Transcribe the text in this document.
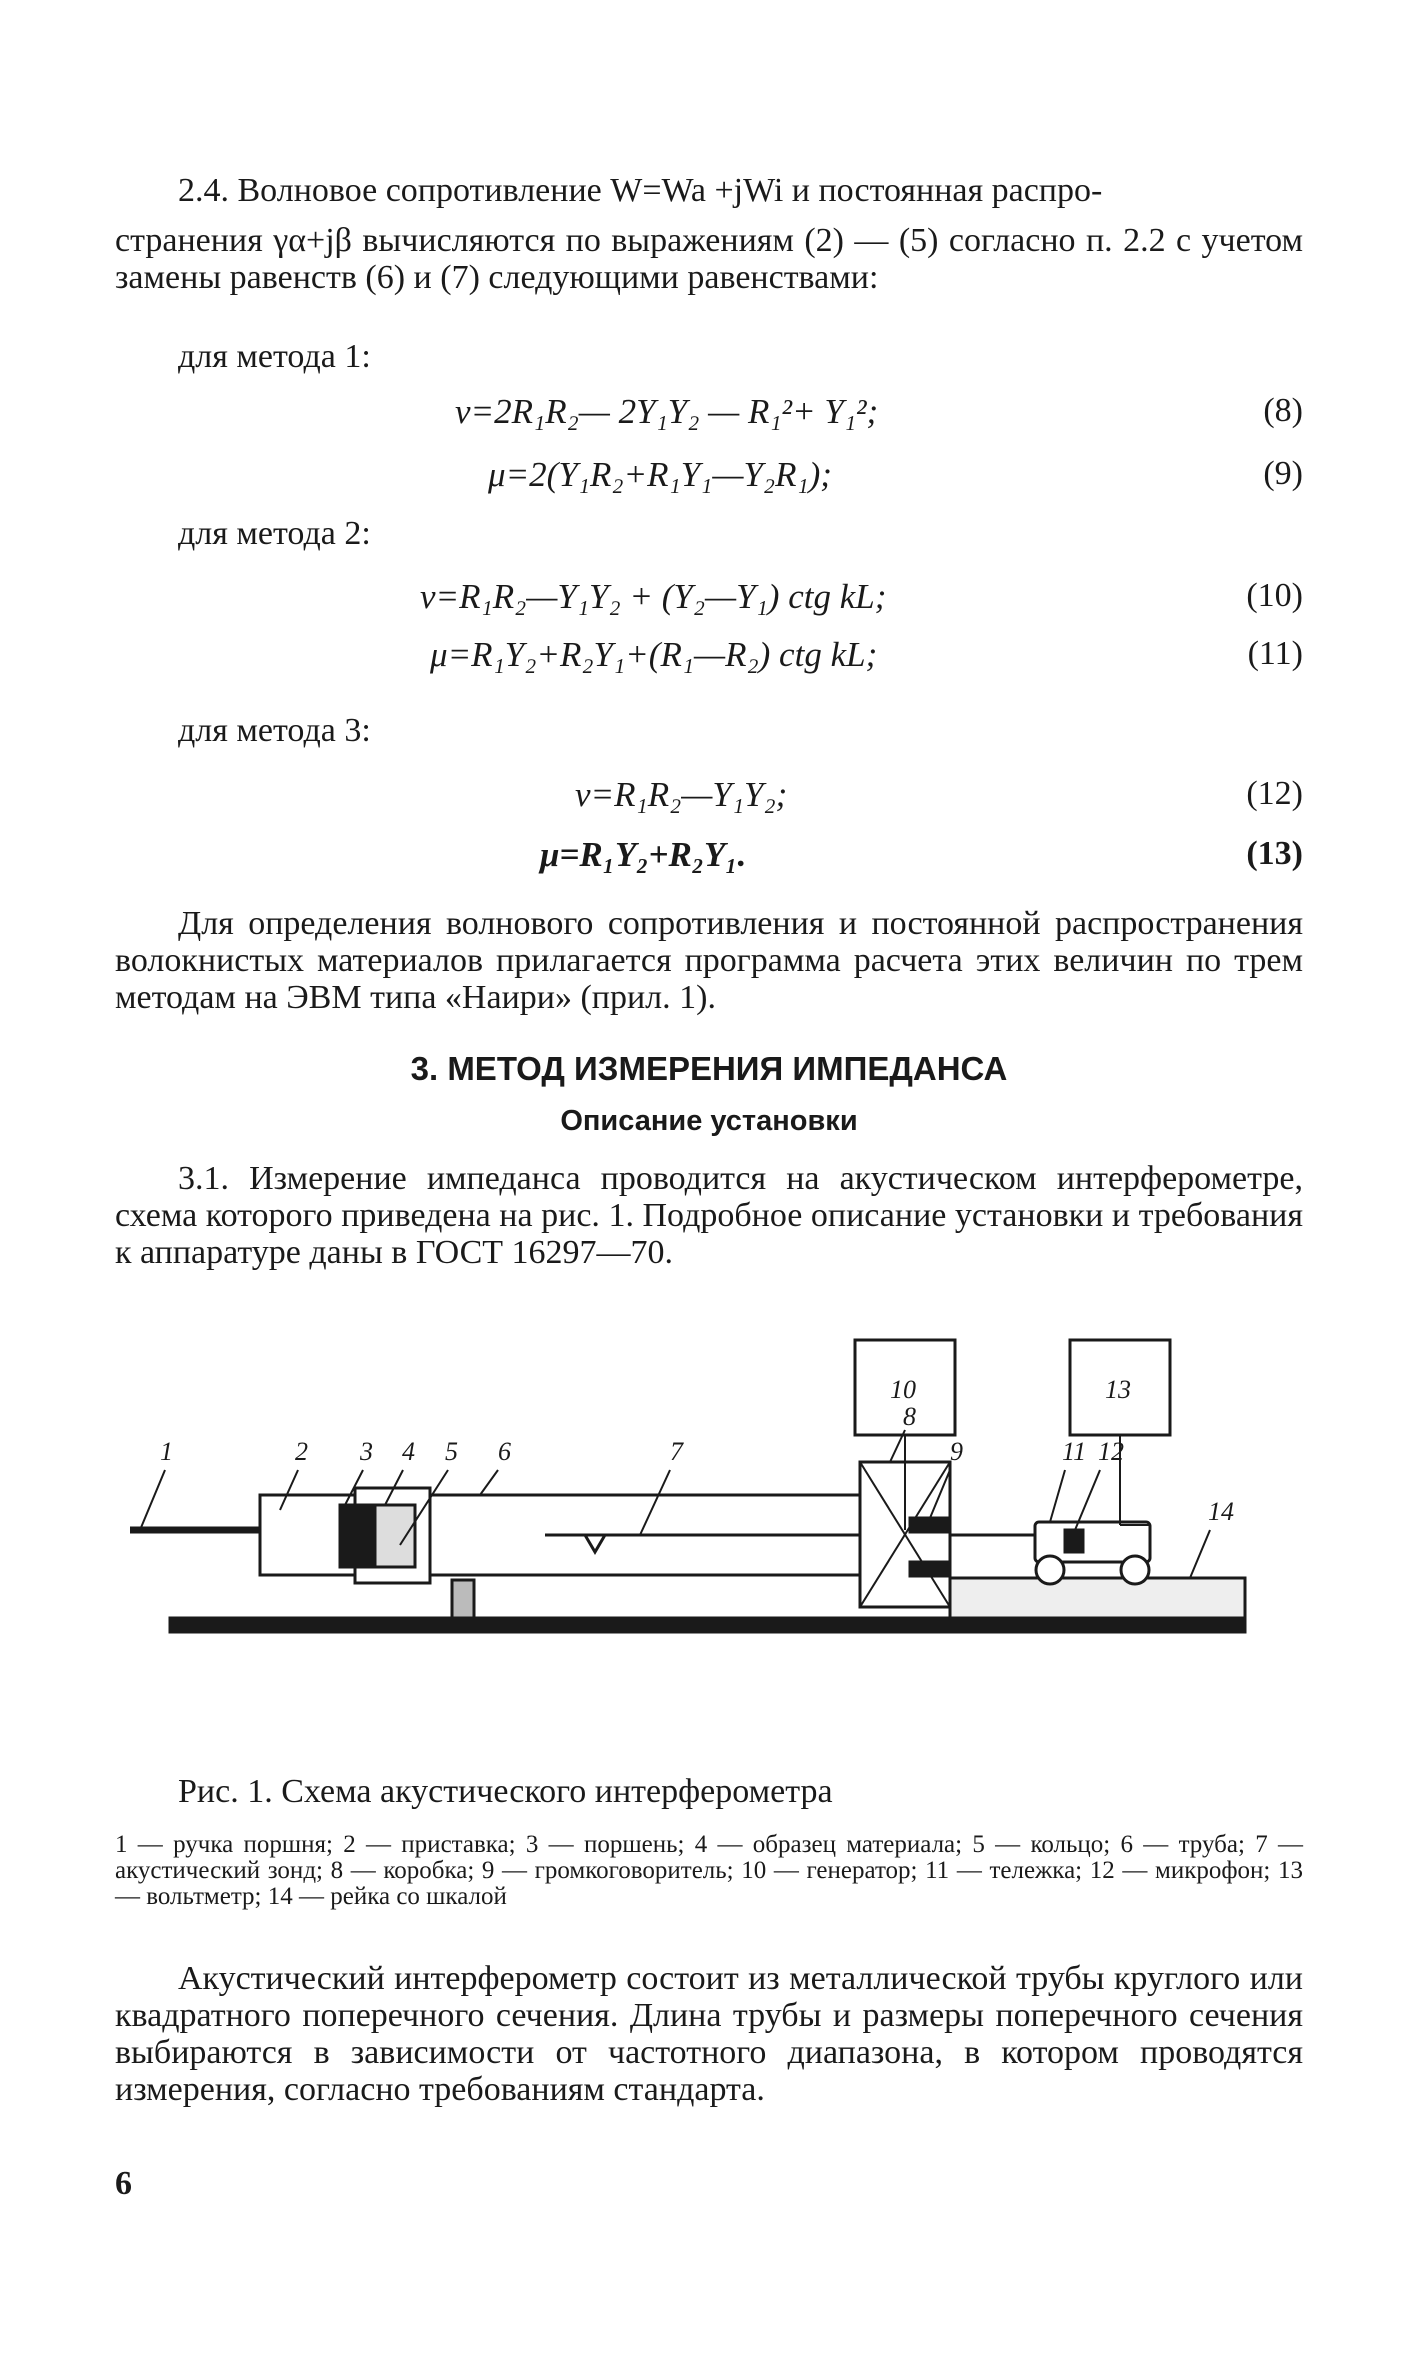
2.4. Волновое сопротивление W=Wa +jWi и постоянная распро-
странения γα+jβ вычисляются по выражениям (2) — (5) согласно п. 2.2 с учетом замены равенств (6) и (7) следующими равенствами:
для метода 1:
ν=2R₁R₂— 2Y₁Y₂ — R₁²+ Y₁²;	(8)
μ=2(Y₁R₂+R₁Y₁—Y₂R₁);	(9)
для метода 2:
ν=R₁R₂—Y₁Y₂ + (Y₂—Y₁) ctg kL;	(10)
μ=R₁Y₂+R₂Y₁+(R₁—R₂) ctg kL;	(11)
для метода 3:
ν=R₁R₂—Y₁Y₂;	(12)
μ=R₁Y₂+R₂Y₁.	(13)
Для определения волнового сопротивления и постоянной распространения волокнистых материалов прилагается программа расчета этих величин по трем методам на ЭВМ типа «Наири» (прил. 1).
3. МЕТОД ИЗМЕРЕНИЯ ИМПЕДАНСА
Описание установки
3.1. Измерение импеданса проводится на акустическом интерферометре, схема которого приведена на рис. 1. Подробное описание установки и требования к аппаратуре даны в ГОСТ 16297—70.
1	2 3 4 5 6	7
8
9
10
11 12
13
14
Рис. 1. Схема акустического интерферометра
1 — ручка поршня; 2 — приставка; 3 — поршень; 4 — образец материала; 5 — кольцо; 6 — труба; 7 — акустический зонд; 8 — коробка; 9 — громкоговоритель; 10 — генератор; 11 — тележка; 12 — микрофон; 13 — вольтметр; 14 — рейка со шкалой
Акустический интерферометр состоит из металлической трубы круглого или квадратного поперечного сечения. Длина трубы и размеры поперечного сечения выбираются в зависимости от частотного диапазона, в котором проводятся измерения, согласно требованиям стандарта.
6
